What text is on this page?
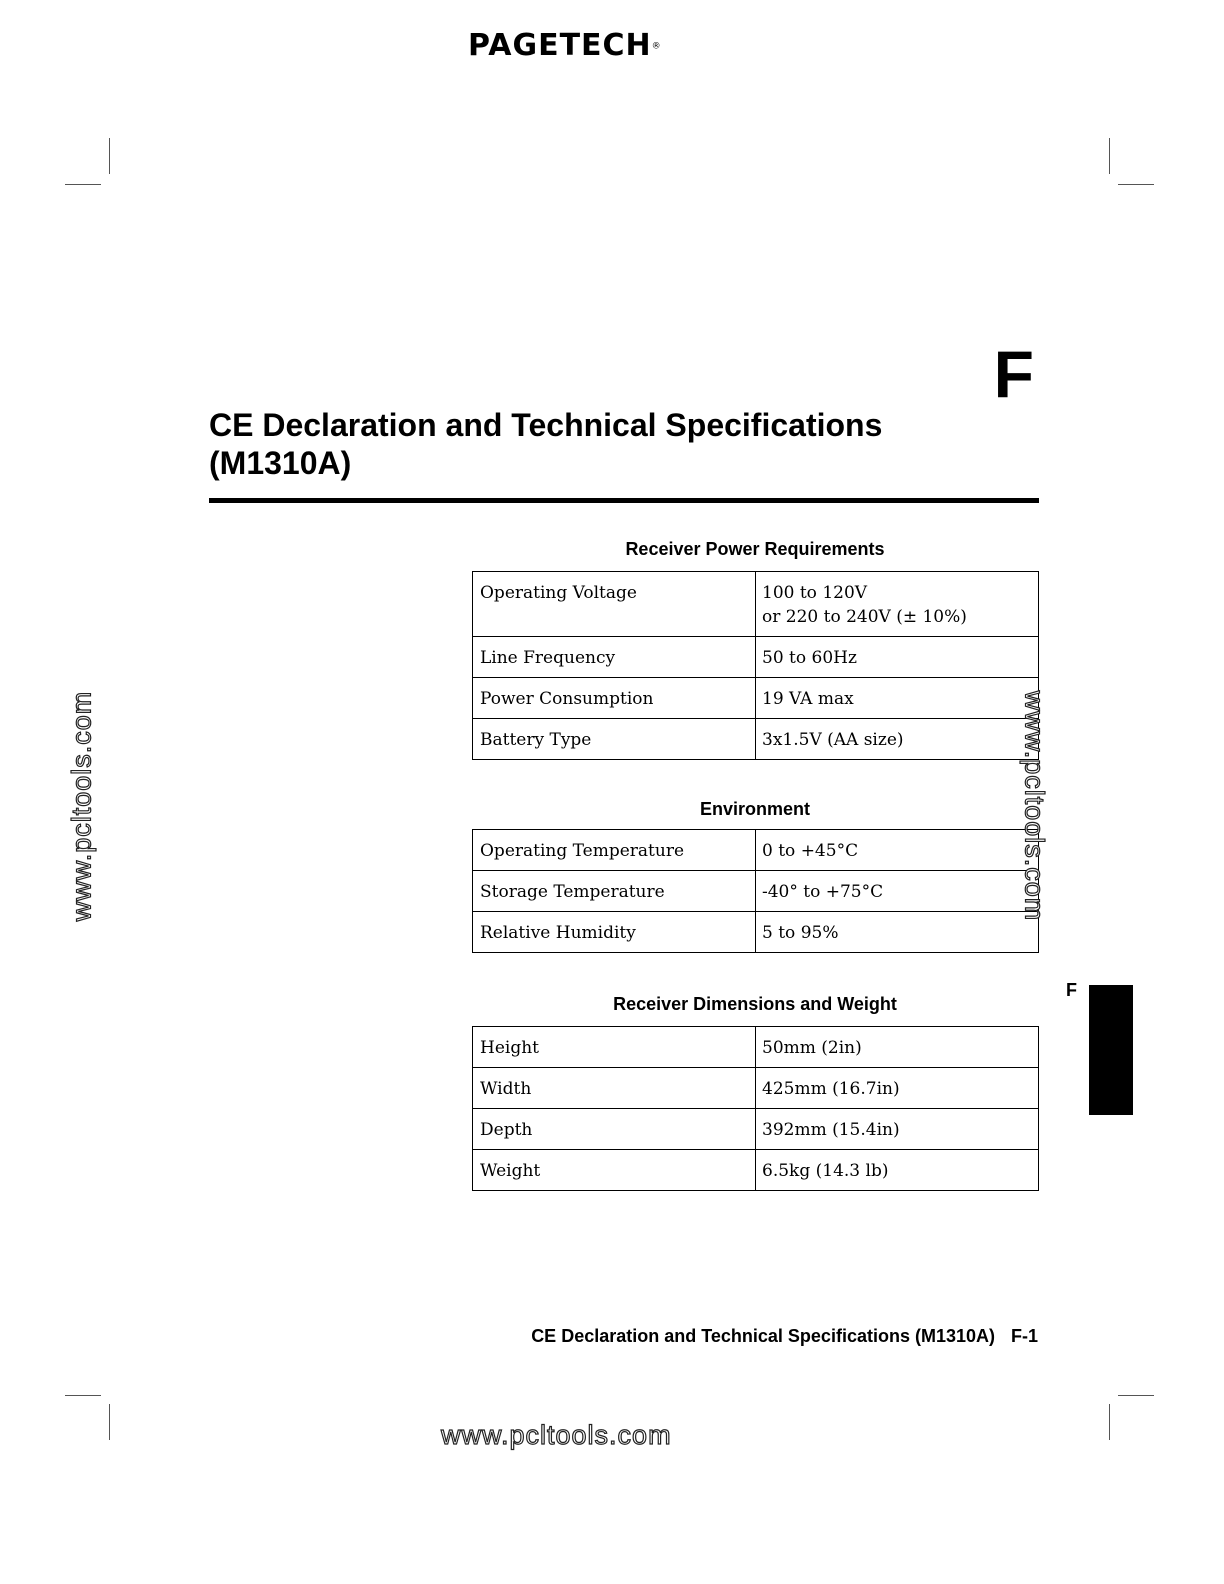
PAGETECH®
F
CE Declaration and Technical Specifications
(M1310A)
Receiver Power Requirements
Operating Voltage	100 to 120V
or 220 to 240V (± 10%)

Line Frequency	50 to 60Hz
Power Consumption	19 VA max
Battery Type	3x1.5V (AA size)
Environment
Operating Temperature	0 to +45°C
Storage Temperature	-40° to +75°C
Relative Humidity	5 to 95%
Receiver Dimensions and Weight
Height	50mm (2in)
Width	425mm (16.7in)
Depth	392mm (15.4in)
Weight	6.5kg (14.3 lb)
F
CE Declaration and Technical Specifications (M1310A) F-1
www.pcltools.com	www.pcltools.com
www.pcltools.com
